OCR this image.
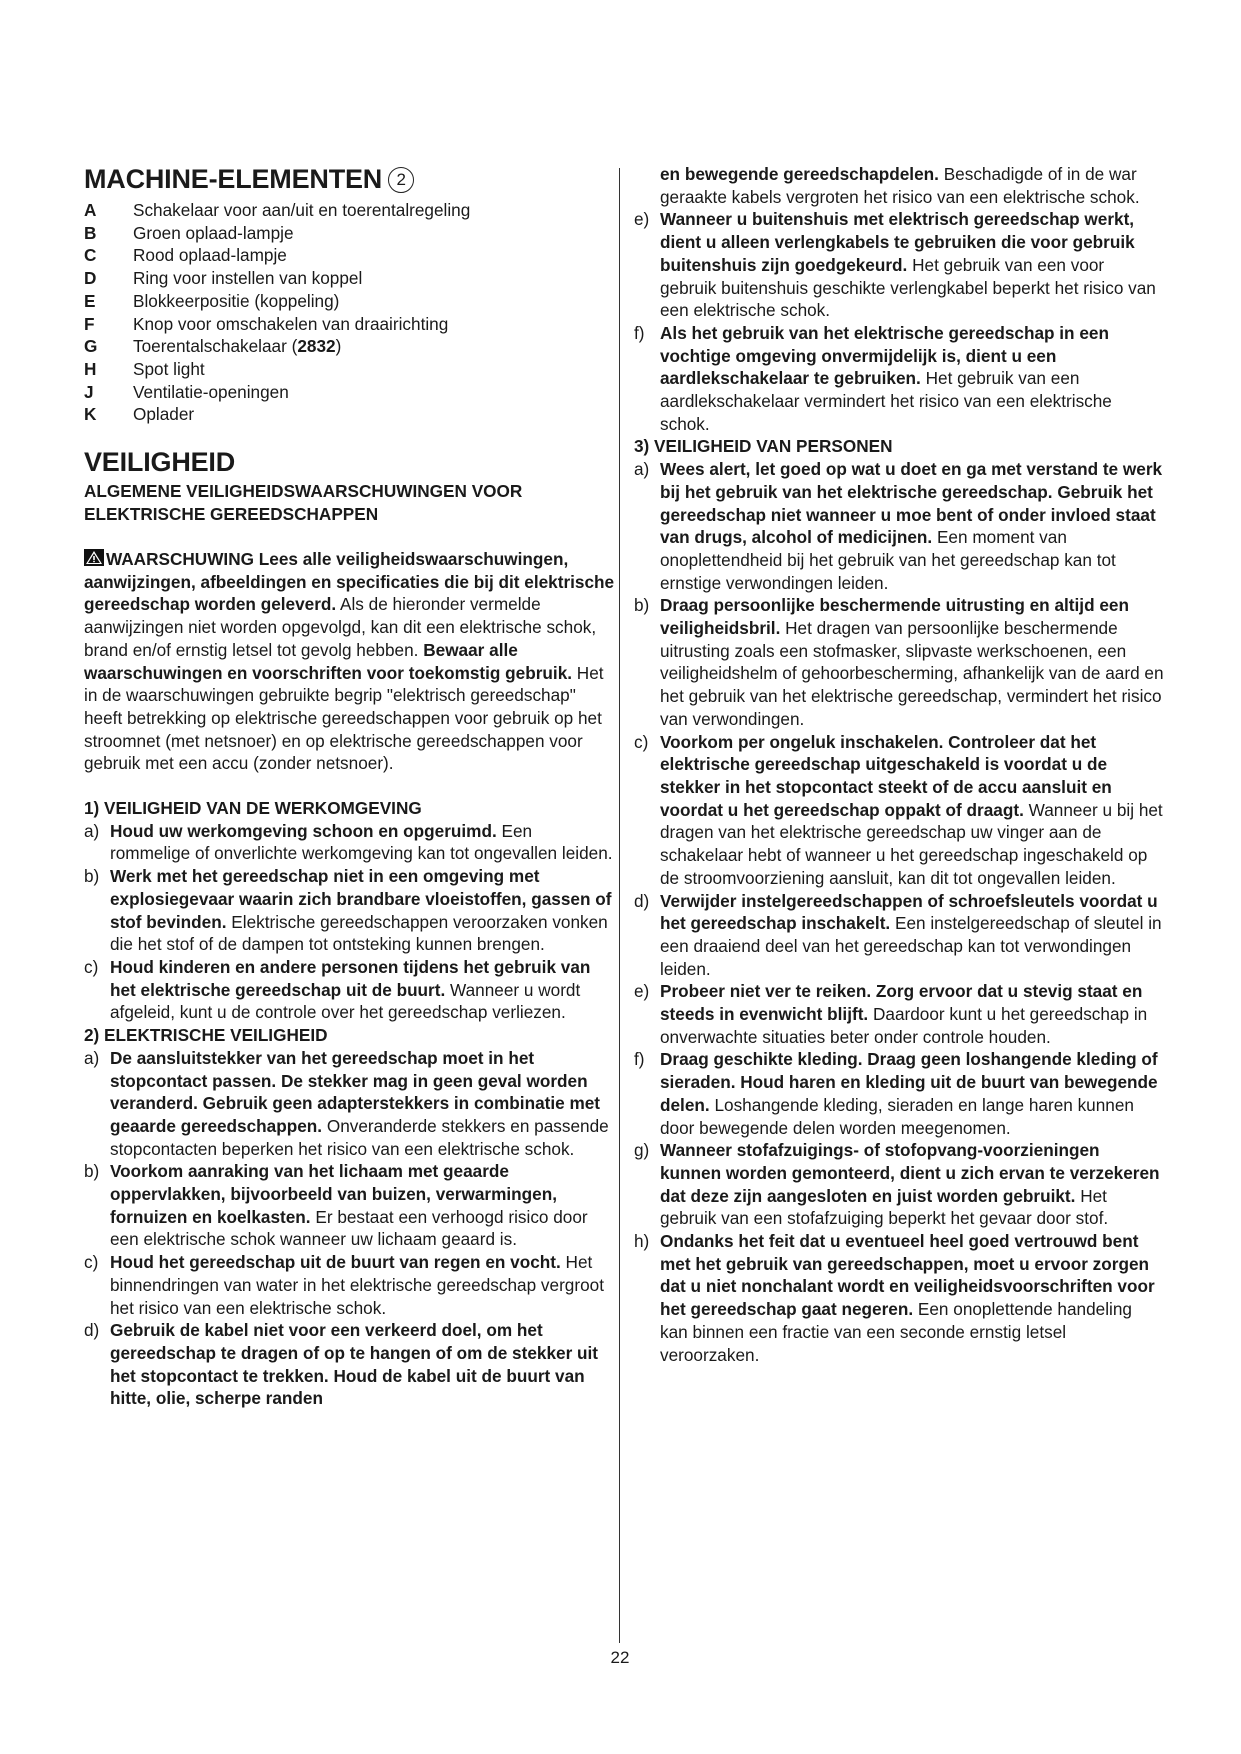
MACHINE-ELEMENTEN 2
A	Schakelaar voor aan/uit en toerentalregeling
B	Groen oplaad-lampje
C	Rood oplaad-lampje
D	Ring voor instellen van koppel
E	Blokkeerpositie (koppeling)
F	Knop voor omschakelen van draairichting
G	Toerentalschakelaar (2832)
H	Spot light
J	Ventilatie-openingen
K	Oplader
VEILIGHEID
ALGEMENE VEILIGHEIDSWAARSCHUWINGEN VOOR ELEKTRISCHE GEREEDSCHAPPEN

WAARSCHUWING Lees alle veiligheidswaarschuwingen, aanwijzingen, afbeeldingen en specificaties die bij dit elektrische gereedschap worden geleverd. Als de hieronder vermelde aanwijzingen niet worden opgevolgd, kan dit een elektrische schok, brand en/of ernstig letsel tot gevolg hebben. Bewaar alle waarschuwingen en voorschriften voor toekomstig gebruik. Het in de waarschuwingen gebruikte begrip "elektrisch gereedschap" heeft betrekking op elektrische gereedschappen voor gebruik op het stroomnet (met netsnoer) en op elektrische gereedschappen voor gebruik met een accu (zonder netsnoer).

1) VEILIGHEID VAN DE WERKOMGEVING

a) Houd uw werkomgeving schoon en opgeruimd. Een rommelige of onverlichte werkomgeving kan tot ongevallen leiden.
b) Werk met het gereedschap niet in een omgeving met explosiegevaar waarin zich brandbare vloeistoffen, gassen of stof bevinden. Elektrische gereedschappen veroorzaken vonken die het stof of de dampen tot ontsteking kunnen brengen.
c) Houd kinderen en andere personen tijdens het gebruik van het elektrische gereedschap uit de buurt. Wanneer u wordt afgeleid, kunt u de controle over het gereedschap verliezen.

2) ELEKTRISCHE VEILIGHEID

a) De aansluitstekker van het gereedschap moet in het stopcontact passen. De stekker mag in geen geval worden veranderd. Gebruik geen adapterstekkers in combinatie met geaarde gereedschappen. Onveranderde stekkers en passende stopcontacten beperken het risico van een elektrische schok.
b) Voorkom aanraking van het lichaam met geaarde oppervlakken, bijvoorbeeld van buizen, verwarmingen, fornuizen en koelkasten. Er bestaat een verhoogd risico door een elektrische schok wanneer uw lichaam geaard is.
c) Houd het gereedschap uit de buurt van regen en vocht. Het binnendringen van water in het elektrische gereedschap vergroot het risico van een elektrische schok.
d) Gebruik de kabel niet voor een verkeerd doel, om het gereedschap te dragen of op te hangen of om de stekker uit het stopcontact te trekken. Houd de kabel uit de buurt van hitte, olie, scherpe randen
en bewegende gereedschapdelen. Beschadigde of in de war geraakte kabels vergroten het risico van een elektrische schok.
e) Wanneer u buitenshuis met elektrisch gereedschap werkt, dient u alleen verlengkabels te gebruiken die voor gebruik buitenshuis zijn goedgekeurd. Het gebruik van een voor gebruik buitenshuis geschikte verlengkabel beperkt het risico van een elektrische schok.
f) Als het gebruik van het elektrische gereedschap in een vochtige omgeving onvermijdelijk is, dient u een aardlekschakelaar te gebruiken. Het gebruik van een aardlekschakelaar vermindert het risico van een elektrische schok.

3) VEILIGHEID VAN PERSONEN

a) Wees alert, let goed op wat u doet en ga met verstand te werk bij het gebruik van het elektrische gereedschap. Gebruik het gereedschap niet wanneer u moe bent of onder invloed staat van drugs, alcohol of medicijnen. Een moment van onoplettendheid bij het gebruik van het gereedschap kan tot ernstige verwondingen leiden.
b) Draag persoonlijke beschermende uitrusting en altijd een veiligheidsbril. Het dragen van persoonlijke beschermende uitrusting zoals een stofmasker, slipvaste werkschoenen, een veiligheidshelm of gehoorbescherming, afhankelijk van de aard en het gebruik van het elektrische gereedschap, vermindert het risico van verwondingen.
c) Voorkom per ongeluk inschakelen. Controleer dat het elektrische gereedschap uitgeschakeld is voordat u de stekker in het stopcontact steekt of de accu aansluit en voordat u het gereedschap oppakt of draagt. Wanneer u bij het dragen van het elektrische gereedschap uw vinger aan de schakelaar hebt of wanneer u het gereedschap ingeschakeld op de stroomvoorziening aansluit, kan dit tot ongevallen leiden.
d) Verwijder instelgereedschappen of schroefsleutels voordat u het gereedschap inschakelt. Een instelgereedschap of sleutel in een draaiend deel van het gereedschap kan tot verwondingen leiden.
e) Probeer niet ver te reiken. Zorg ervoor dat u stevig staat en steeds in evenwicht blijft. Daardoor kunt u het gereedschap in onverwachte situaties beter onder controle houden.
f) Draag geschikte kleding. Draag geen loshangende kleding of sieraden. Houd haren en kleding uit de buurt van bewegende delen. Loshangende kleding, sieraden en lange haren kunnen door bewegende delen worden meegenomen.
g) Wanneer stofafzuigings- of stofopvang-voorzieningen kunnen worden gemonteerd, dient u zich ervan te verzekeren dat deze zijn aangesloten en juist worden gebruikt. Het gebruik van een stofafzuiging beperkt het gevaar door stof.
h) Ondanks het feit dat u eventueel heel goed vertrouwd bent met het gebruik van gereedschappen, moet u ervoor zorgen dat u niet nonchalant wordt en veiligheidsvoorschriften voor het gereedschap gaat negeren. Een onoplettende handeling kan binnen een fractie van een seconde ernstig letsel veroorzaken.
22
